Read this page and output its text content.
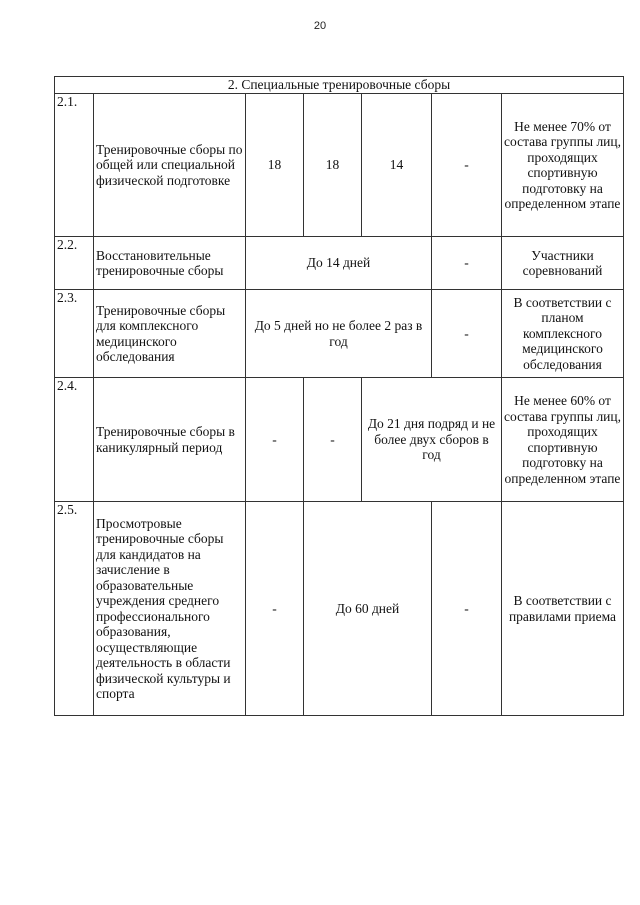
20
2. Специальные тренировочные сборы						
2.1.	Тренировочные сборы по общей или специальной физической подготовке	18	18	14	-	Не менее 70% от состава группы лиц, проходящих спортивную подготовку на определенном этапе
2.2.	Восстановительные тренировочные сборы	До 14 дней			-	Участники соревнований
2.3.	Тренировочные сборы для комплексного медицинского обследования	До 5 дней но не более 2 раз в год			-	В соответствии с планом комплексного медицинского обследования
2.4.	Тренировочные сборы в каникулярный период	-	-	До 21 дня подряд и не более двух сборов в год		Не менее 60% от состава группы лиц, проходящих спортивную подготовку на определенном этапе
2.5.	Просмотровые тренировочные сборы для кандидатов на зачисление в образовательные учреждения среднего профессионального образования, осуществляющие деятельность в области физической культуры и спорта	-	До 60 дней		-	В соответствии с правилами приема
